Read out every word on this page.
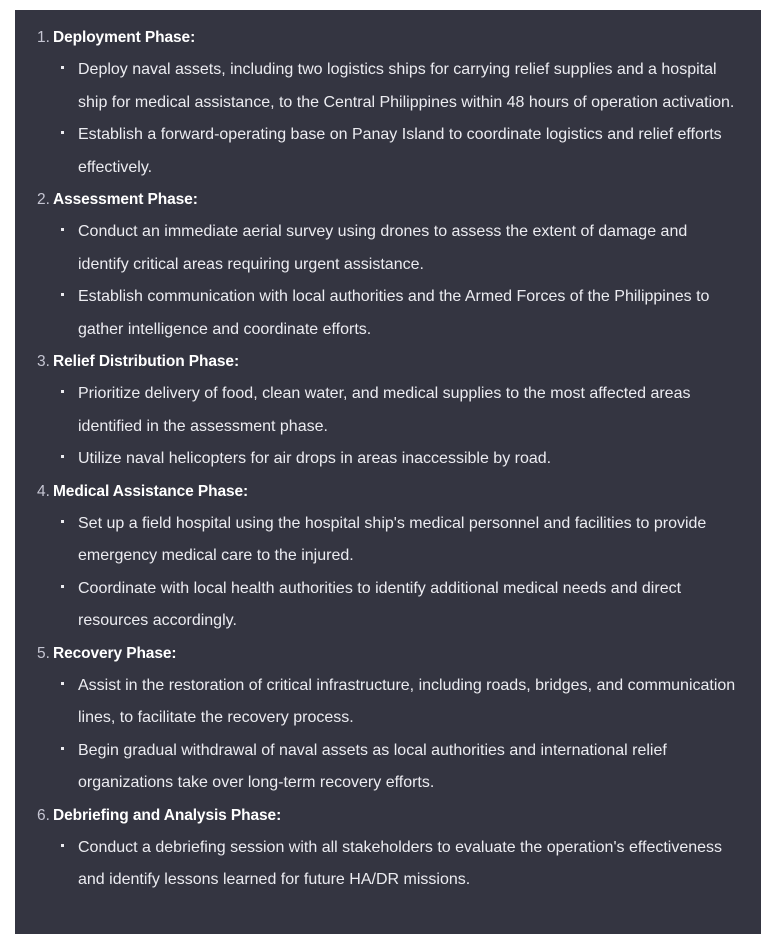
1. Deployment Phase:
Deploy naval assets, including two logistics ships for carrying relief supplies and a hospital ship for medical assistance, to the Central Philippines within 48 hours of operation activation.
Establish a forward-operating base on Panay Island to coordinate logistics and relief efforts effectively.
2. Assessment Phase:
Conduct an immediate aerial survey using drones to assess the extent of damage and identify critical areas requiring urgent assistance.
Establish communication with local authorities and the Armed Forces of the Philippines to gather intelligence and coordinate efforts.
3. Relief Distribution Phase:
Prioritize delivery of food, clean water, and medical supplies to the most affected areas identified in the assessment phase.
Utilize naval helicopters for air drops in areas inaccessible by road.
4. Medical Assistance Phase:
Set up a field hospital using the hospital ship's medical personnel and facilities to provide emergency medical care to the injured.
Coordinate with local health authorities to identify additional medical needs and direct resources accordingly.
5. Recovery Phase:
Assist in the restoration of critical infrastructure, including roads, bridges, and communication lines, to facilitate the recovery process.
Begin gradual withdrawal of naval assets as local authorities and international relief organizations take over long-term recovery efforts.
6. Debriefing and Analysis Phase:
Conduct a debriefing session with all stakeholders to evaluate the operation's effectiveness and identify lessons learned for future HA/DR missions.
